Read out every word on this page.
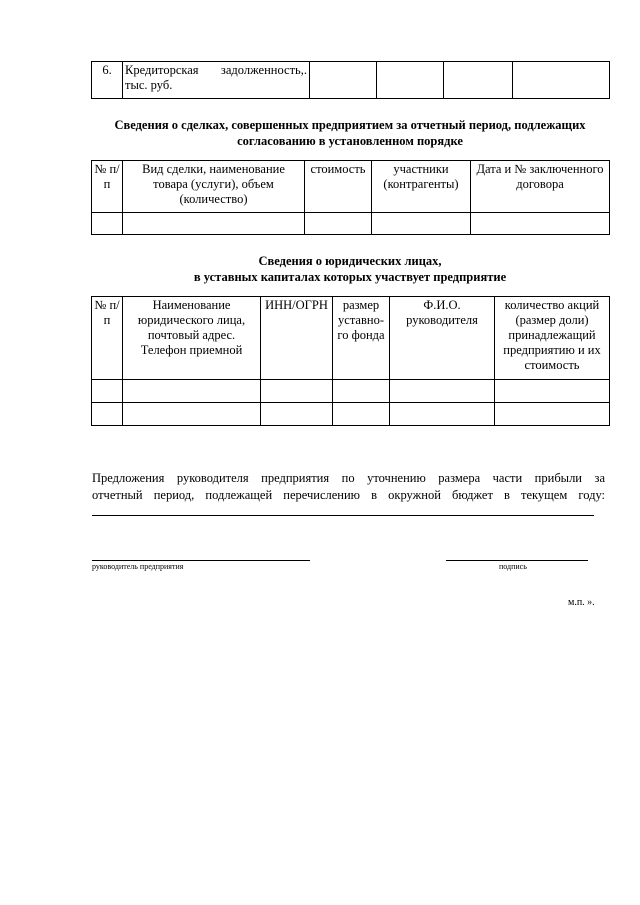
6.	Кредиторская задолженность,. тыс. руб.				
Сведения о сделках, совершенных предприятием за отчетный период, подлежащих
согласованию в установленном порядке
№ п/п	Вид сделки, наименование товара (услуги), объем (количество)	стоимость	участники (контрагенты)	Дата и № заключенного договора

Сведения о юридических лицах,
в уставных капиталах которых участвует предприятие
№ п/п	Наименование юридического лица, почтовый адрес. Телефон приемной	ИНН/ОГРН	размер уставно-го фонда	Ф.И.О. руководителя	количество акций (размер доли) принадлежащий предприятию и их стоимость

Предложения руководителя предприятия по уточнению размера части прибыли за
отчетный период, подлежащей перечислению в окружной бюджет в текущем году:
руководитель предприятия	подпись
м.п. ».
